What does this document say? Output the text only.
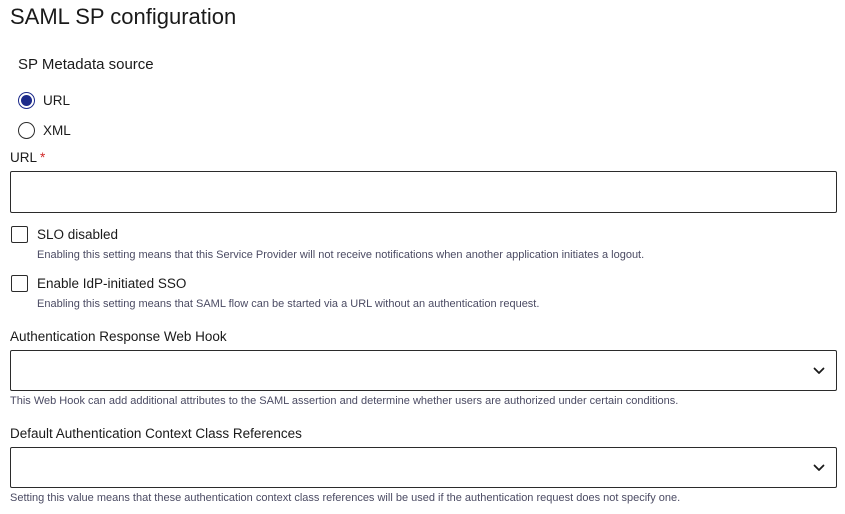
SAML SP configuration
SP Metadata source
URL
XML
URL *
SLO disabled
Enabling this setting means that this Service Provider will not receive notifications when another application initiates a logout.
Enable IdP-initiated SSO
Enabling this setting means that SAML flow can be started via a URL without an authentication request.
Authentication Response Web Hook
This Web Hook can add additional attributes to the SAML assertion and determine whether users are authorized under certain conditions.
Default Authentication Context Class References
Setting this value means that these authentication context class references will be used if the authentication request does not specify one.
